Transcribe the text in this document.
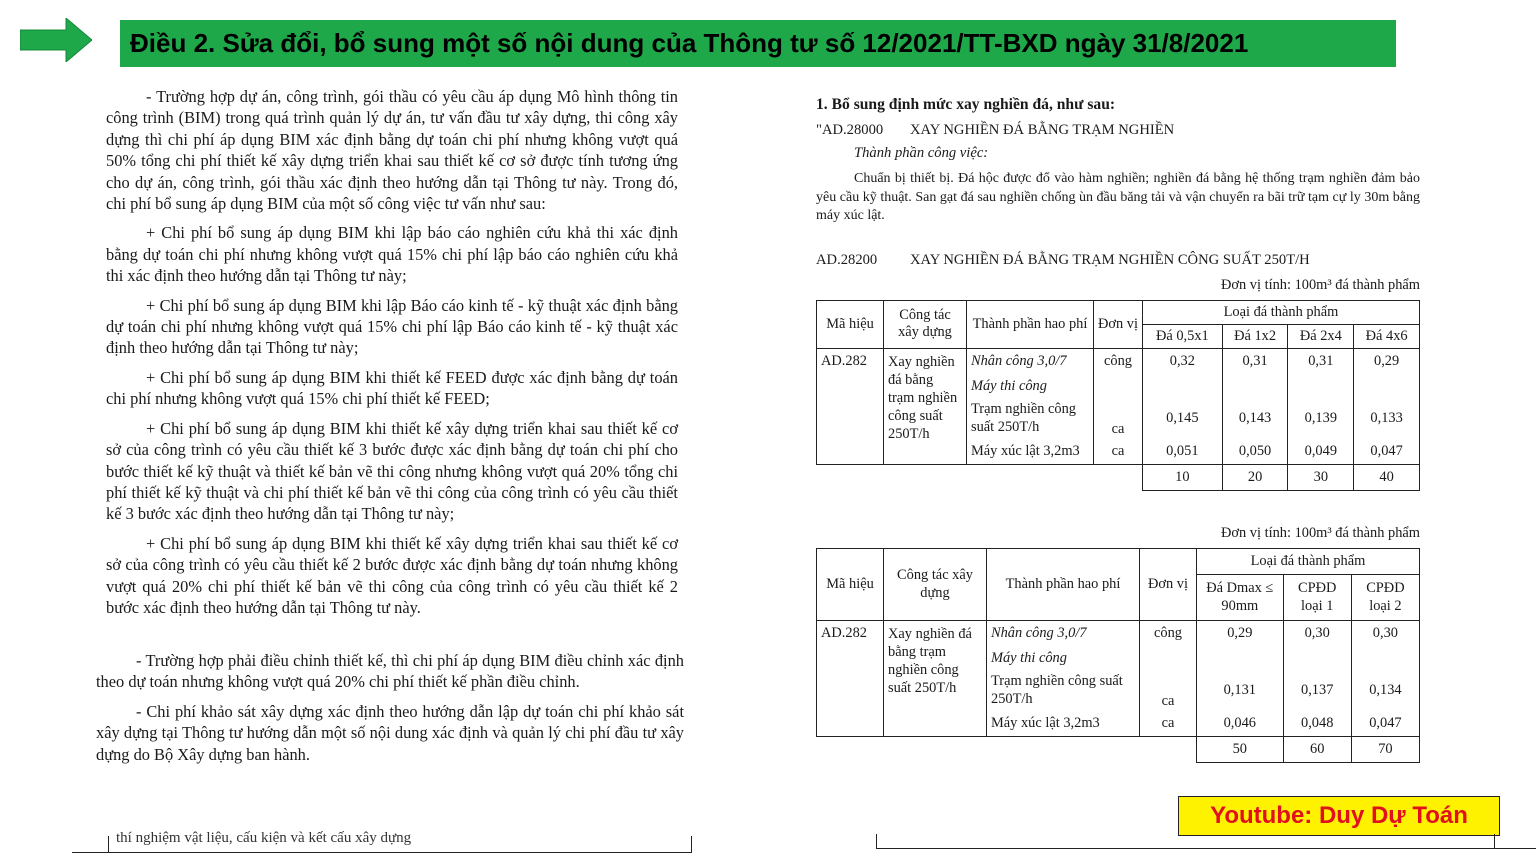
Điều 2. Sửa đổi, bổ sung một số nội dung của Thông tư số 12/2021/TT-BXD ngày 31/8/2021

- Trường hợp dự án, công trình, gói thầu có yêu cầu áp dụng Mô hình thông tin công trình (BIM) trong quá trình quản lý dự án, tư vấn đầu tư xây dựng, thi công xây dựng thì chi phí áp dụng BIM xác định bằng dự toán chi phí nhưng không vượt quá 50% tổng chi phí thiết kế xây dựng triển khai sau thiết kế cơ sở được tính tương ứng cho dự án, công trình, gói thầu xác định theo hướng dẫn tại Thông tư này. Trong đó, chi phí bổ sung áp dụng BIM của một số công việc tư vấn như sau:

+ Chi phí bổ sung áp dụng BIM khi lập báo cáo nghiên cứu khả thi xác định bằng dự toán chi phí nhưng không vượt quá 15% chi phí lập báo cáo nghiên cứu khả thi xác định theo hướng dẫn tại Thông tư này;

+ Chi phí bổ sung áp dụng BIM khi lập Báo cáo kinh tế - kỹ thuật xác định bằng dự toán chi phí nhưng không vượt quá 15% chi phí lập Báo cáo kinh tế - kỹ thuật xác định theo hướng dẫn tại Thông tư này;

+ Chi phí bổ sung áp dụng BIM khi thiết kế FEED được xác định bằng dự toán chi phí nhưng không vượt quá 15% chi phí thiết kế FEED;

+ Chi phí bổ sung áp dụng BIM khi thiết kế xây dựng triển khai sau thiết kế cơ sở của công trình có yêu cầu thiết kế 3 bước được xác định bằng dự toán chi phí cho bước thiết kế kỹ thuật và thiết kế bản vẽ thi công nhưng không vượt quá 20% tổng chi phí thiết kế kỹ thuật và chi phí thiết kế bản vẽ thi công của công trình có yêu cầu thiết kế 3 bước xác định theo hướng dẫn tại Thông tư này;

+ Chi phí bổ sung áp dụng BIM khi thiết kế xây dựng triển khai sau thiết kế cơ sở của công trình có yêu cầu thiết kế 2 bước được xác định bằng dự toán nhưng không vượt quá 20% chi phí thiết kế bản vẽ thi công của công trình có yêu cầu thiết kế 2 bước xác định theo hướng dẫn tại Thông tư này.

- Trường hợp phải điều chỉnh thiết kế, thì chi phí áp dụng BIM điều chỉnh xác định theo dự toán nhưng không vượt quá 20% chi phí thiết kế phần điều chỉnh.

- Chi phí khảo sát xây dựng xác định theo hướng dẫn lập dự toán chi phí khảo sát xây dựng tại Thông tư hướng dẫn một số nội dung xác định và quản lý chi phí đầu tư xây dựng do Bộ Xây dựng ban hành.

thí nghiệm vật liệu, cấu kiện và kết cấu xây dựng
1. Bổ sung định mức xay nghiền đá, như sau:
"AD.28000 XAY NGHIỀN ĐÁ BẰNG TRẠM NGHIỀN
Thành phần công việc:
Chuẩn bị thiết bị. Đá hộc được đổ vào hàm nghiền; nghiền đá bằng hệ thống trạm nghiền đảm bảo yêu cầu kỹ thuật. San gạt đá sau nghiền chống ùn đầu băng tải và vận chuyển ra bãi trữ tạm cự ly 30m bằng máy xúc lật.
AD.28200 XAY NGHIỀN ĐÁ BẰNG TRẠM NGHIỀN CÔNG SUẤT 250T/H
Đơn vị tính: 100m³ đá thành phẩm
Mã hiệu	Công tác xây dựng	Thành phần hao phí	Đơn vị	Loại đá thành phẩm			
				Đá 0,5x1	Đá 1x2	Đá 2x4	Đá 4x6
AD.282	Xay nghiền đá bằng trạm nghiền công suất 250T/h	Nhân công 3,0/7	công	0,32	0,31	0,31	0,29
		Máy thi công					
		Trạm nghiền công suất 250T/h	ca	0,145	0,143	0,139	0,133
		Máy xúc lật 3,2m3	ca	0,051	0,050	0,049	0,047
				10	20	30	40
Đơn vị tính: 100m³ đá thành phẩm
Mã hiệu	Công tác xây dựng	Thành phần hao phí	Đơn vị	Loại đá thành phẩm		
				Đá Dmax ≤ 90mm	CPĐD loại 1	CPĐD loại 2
AD.282	Xay nghiền đá bằng trạm nghiền công suất 250T/h	Nhân công 3,0/7	công	0,29	0,30	0,30
		Máy thi công				
		Trạm nghiền công suất 250T/h	ca	0,131	0,137	0,134
		Máy xúc lật 3,2m3	ca	0,046	0,048	0,047
				50	60	70
Youtube: Duy Dự Toán
